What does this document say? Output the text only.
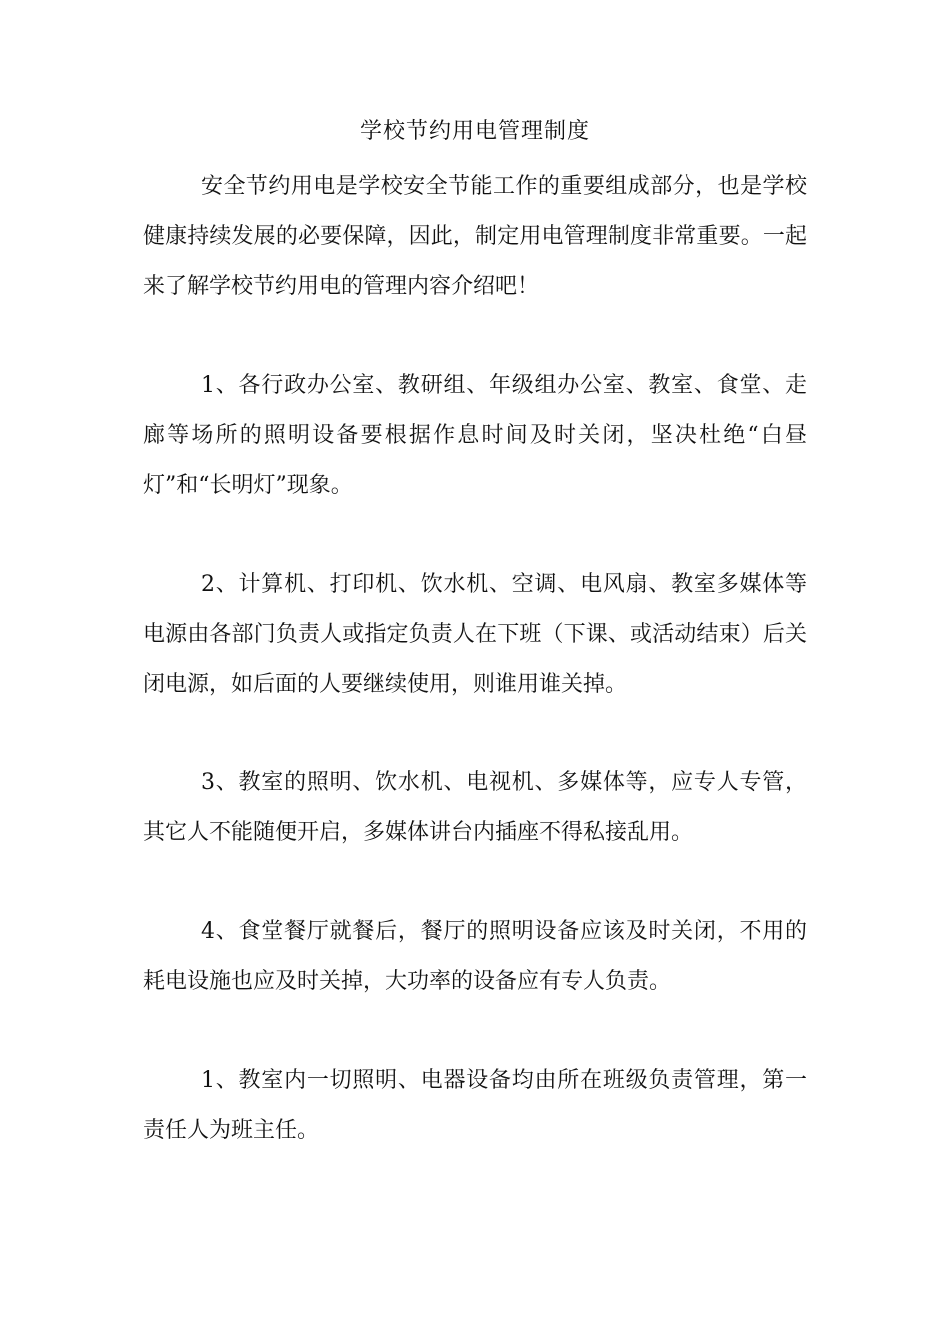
学校节约用电管理制度

安全节约用电是学校安全节能工作的重要组成部分，也是学校健康持续发展的必要保障，因此，制定用电管理制度非常重要。一起来了解学校节约用电的管理内容介绍吧！

1、各行政办公室、教研组、年级组办公室、教室、食堂、走廊等场所的照明设备要根据作息时间及时关闭，坚决杜绝“白昼灯”和“长明灯”现象。

2、计算机、打印机、饮水机、空调、电风扇、教室多媒体等电源由各部门负责人或指定负责人在下班（下课、或活动结束）后关闭电源，如后面的人要继续使用，则谁用谁关掉。

3、教室的照明、饮水机、电视机、多媒体等，应专人专管，其它人不能随便开启，多媒体讲台内插座不得私接乱用。

4、食堂餐厅就餐后，餐厅的照明设备应该及时关闭，不用的耗电设施也应及时关掉，大功率的设备应有专人负责。

1、教室内一切照明、电器设备均由所在班级负责管理，第一责任人为班主任。
